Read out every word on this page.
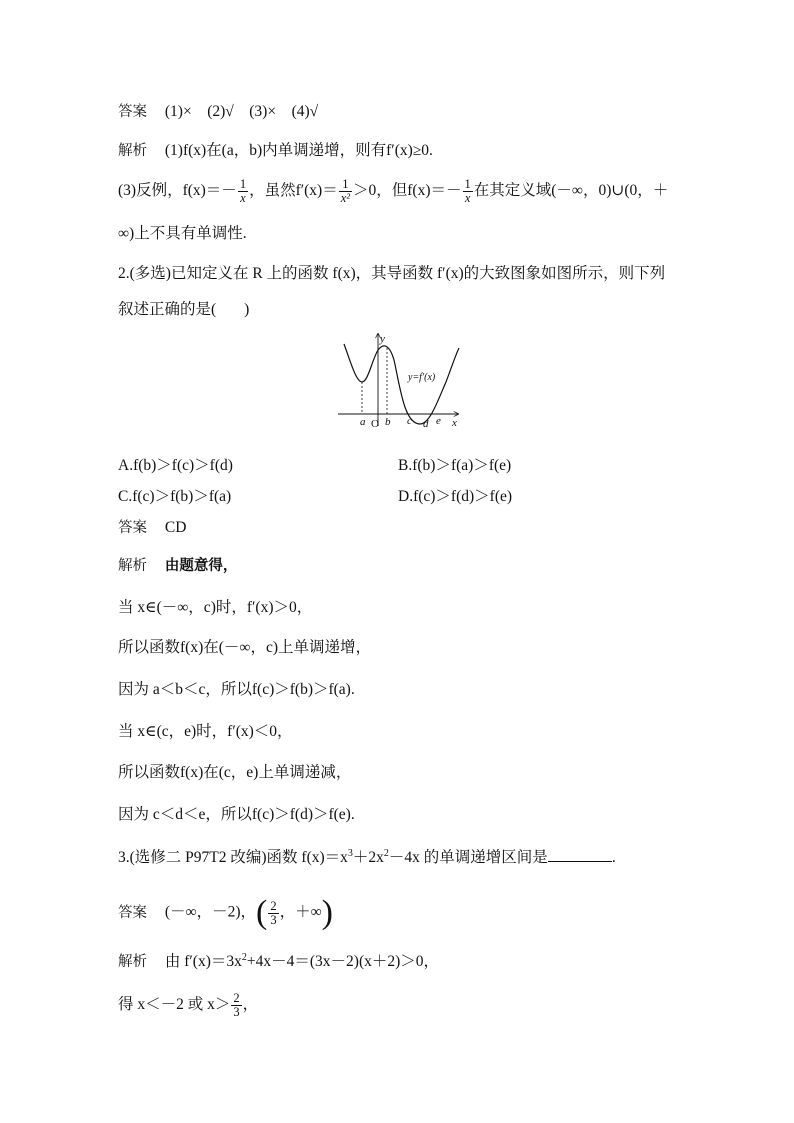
答案 (1)×　(2)√　(3)×　(4)√
解析 (1)f(x)在(a，b)内单调递增，则有f′(x)≥0.
(3)反例，$f(x)=- \frac{1}{x}$ ，虽然$f'(x)= \frac{1}{\text{x²}} >0$，但$f(x)=- \frac{1}{x}$ 在其定义域(－∞，0)∪(0，＋
∞)上不具有单调性.
2.(多选)已知定义在 R 上的函数 f(x)，其导函数 f′(x)的大致图象如图所示，则下列
叙述正确的是( )
y
x
O
a b c d e
y=f′(x)
A.f(b)＞f(c)＞f(d)	B.f(b)＞f(a)＞f(e)
C.f(c)＞f(b)＞f(a)	D.f(c)＞f(d)＞f(e)
答案 CD
解析 由题意得，
当 x∈(－∞，c)时，f′(x)＞0，
所以函数f(x)在(－∞，c)上单调递增，
因为 a＜b＜c，所以f(c)＞f(b)＞f(a).
当 x∈(c，e)时，f′(x)＜0，
所以函数f(x)在(c，e)上单调递减，
因为 c＜d＜e，所以f(c)＞f(d)＞f(e).
3.(选修二 P97T2 改编)函数 $f(x)=x^3+2x^2-4x$ 的单调递增区间是	.
答案 (－∞，－2)，( $\frac{2}{3}$ ，＋∞)
解析 由 $f'(x)=3x^2+4x-4=(3x-2)(x+2)>0$，
得 x＜－2 或 $x> \frac{2}{3}$ ，
